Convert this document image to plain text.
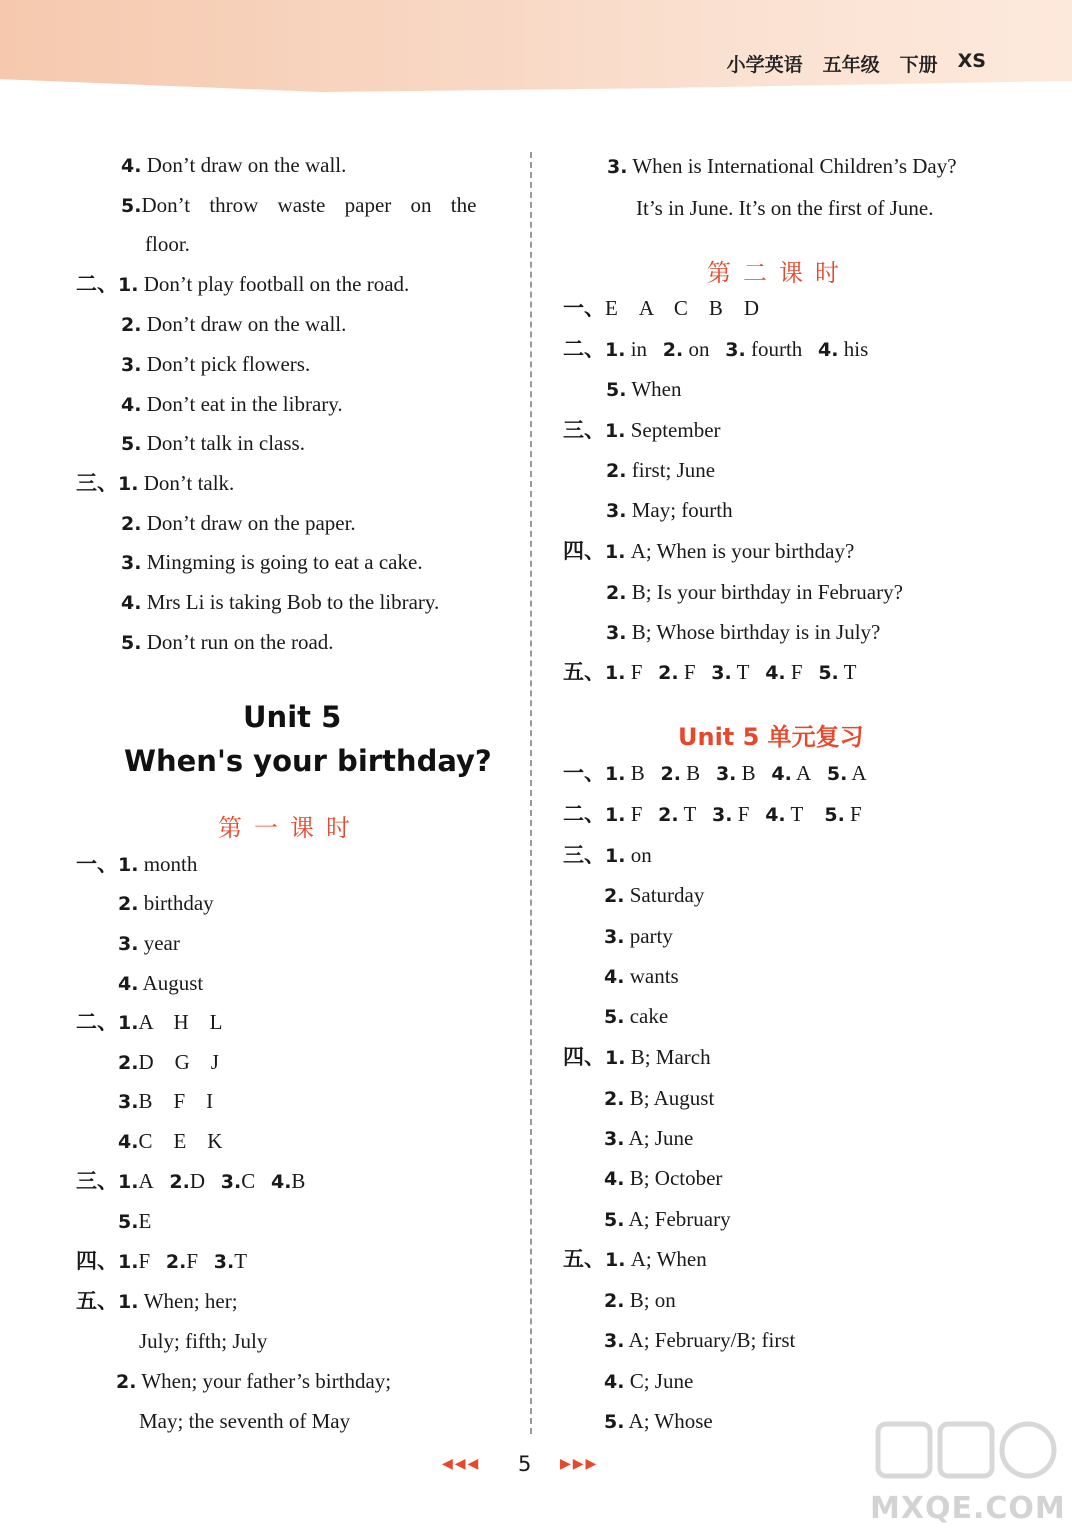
小学英语 五年级 下册 XS
4. Don’t draw on the wall.
5.Don’t throw waste paper on the
floor.
二、1. Don’t play football on the road.
2. Don’t draw on the wall.
3. Don’t pick flowers.
4. Don’t eat in the library.
5. Don’t talk in class.
三、1. Don’t talk.
2. Don’t draw on the paper.
3. Mingming is going to eat a cake.
4. Mrs Li is taking Bob to the library.
5. Don’t run on the road.
Unit 5
When's your birthday?
第一课时
一、1. month
2. birthday
3. year
4. August
二、1.A　H　L
2.D　G　J
3.B　F　I
4.C　E　K
三、1.A 2.D 3.C 4.B
5.E
四、1.F 2.F 3.T
五、1. When; her;
July; fifth; July
2. When; your father’s birthday;
May; the seventh of May
3. When is International Children’s Day?
It’s in June. It’s on the first of June.
第二课时
一、E　A　C　B　D
二、1. in 2. on 3. fourth 4. his
5. When
三、1. September
2. first; June
3. May; fourth
四、1. A; When is your birthday?
2. B; Is your birthday in February?
3. B; Whose birthday is in July?
五、1. F 2. F 3. T 4. F 5. T
Unit 5 单元复习
一、1. B 2. B 3. B 4. A 5. A
二、1. F 2. T 3. F 4. T 5. F
三、1. on
2. Saturday
3. party
4. wants
5. cake
四、1. B; March
2. B; August
3. A; June
4. B; October
5. A; February
五、1. A; When
2. B; on
3. A; February/B; first
4. C; June
5. A; Whose
◀◀◀ 5 ▶▶▶
MXQE.COM
